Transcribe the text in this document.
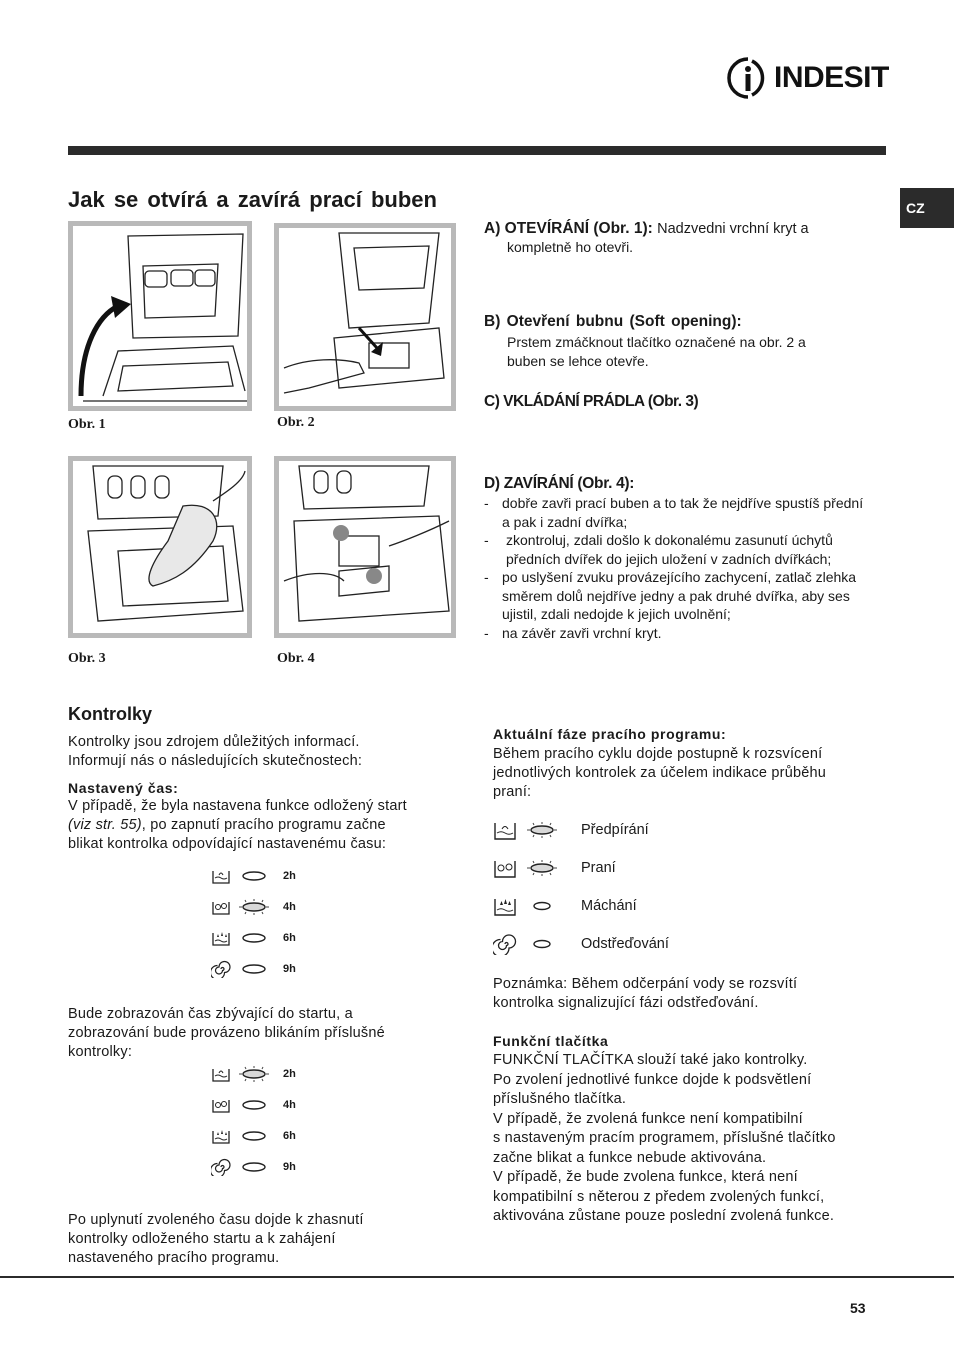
INDESIT
CZ
Jak se otvírá a zavírá prací buben
Obr. 1	Obr. 2
Obr. 3	Obr. 4
A) OTEVÍRÁNÍ (Obr. 1): Nadzvedni vrchní kryt a
kompletně ho otevři.
B) Otevření bubnu (Soft opening):
Prstem zmáčknout tlačítko označené na obr. 2 a
buben se lehce otevře.
C) VKLÁDÁNÍ PRÁDLA (Obr. 3)
D) ZAVÍRÁNÍ (Obr. 4):
- dobře zavři prací buben a to tak že nejdříve spustíš přední
a pak i zadní dvířka;
- zkontroluj, zdali došlo k dokonalému zasunutí úchytů
předních dvířek do jejich uložení v zadních dvířkách;
- po uslyšení zvuku provázejícího zachycení, zatlač zlehka
směrem dolů nejdříve jedny a pak druhé dvířka, aby ses
ujistil, zdali nedojde k jejich uvolnění;
- na závěr zavři vrchní kryt.
Kontrolky
Kontrolky jsou zdrojem důležitých informací.
Informují nás o následujících skutečnostech:
Nastavený čas:
V případě, že byla nastavena funkce odložený start
(viz str. 55), po zapnutí pracího programu začne
blikat kontrolka odpovídající nastavenému času:
2h
4h
6h
9h
Bude zobrazován čas zbývající do startu, a
zobrazování bude provázeno blikáním příslušné
kontrolky:
2h
4h
6h
9h
Po uplynutí zvoleného času dojde k zhasnutí
kontrolky odloženého startu a k zahájení
nastaveného pracího programu.
Aktuální fáze pracího programu:
Během pracího cyklu dojde postupně k rozsvícení
jednotlivých kontrolek za účelem indikace průběhu
praní:
Předpírání
Praní
Máchání
Odstřeďování
Poznámka: Během odčerpání vody se rozsvítí
kontrolka signalizující fázi odstřeďování.
Funkční tlačítka
FUNKČNÍ TLAČÍTKA slouží také jako kontrolky.
Po zvolení jednotlivé funkce dojde k podsvětlení
příslušného tlačítka.
V případě, že zvolená funkce není kompatibilní
s nastaveným pracím programem, příslušné tlačítko
začne blikat a funkce nebude aktivována.
V případě, že bude zvolena funkce, která není
kompatibilní s něterou z předem zvolených funkcí,
aktivována zůstane pouze poslední zvolená funkce.
53
